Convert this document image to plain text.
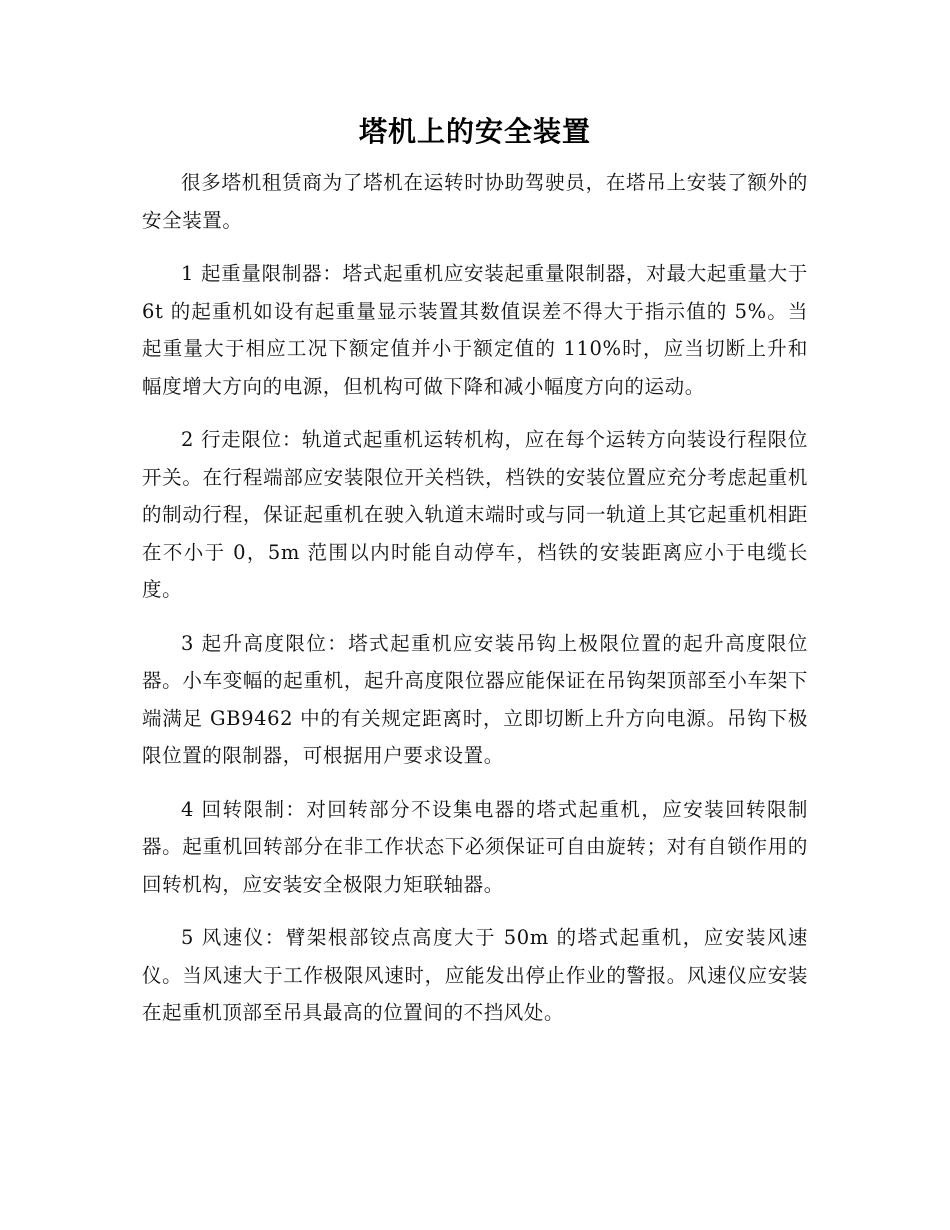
塔机上的安全装置

很多塔机租赁商为了塔机在运转时协助驾驶员，在塔吊上安装了额外的安全装置。

1 起重量限制器：塔式起重机应安装起重量限制器，对最大起重量大于 6t 的起重机如设有起重量显示装置其数值误差不得大于指示值的 5%。当起重量大于相应工况下额定值并小于额定值的 110%时，应当切断上升和幅度增大方向的电源，但机构可做下降和减小幅度方向的运动。

2 行走限位：轨道式起重机运转机构，应在每个运转方向装设行程限位开关。在行程端部应安装限位开关档铁，档铁的安装位置应充分考虑起重机的制动行程，保证起重机在驶入轨道末端时或与同一轨道上其它起重机相距在不小于 0，5m 范围以内时能自动停车，档铁的安装距离应小于电缆长度。

3 起升高度限位：塔式起重机应安装吊钩上极限位置的起升高度限位器。小车变幅的起重机，起升高度限位器应能保证在吊钩架顶部至小车架下端满足 GB9462 中的有关规定距离时，立即切断上升方向电源。吊钩下极限位置的限制器，可根据用户要求设置。

4 回转限制：对回转部分不设集电器的塔式起重机，应安装回转限制器。起重机回转部分在非工作状态下必须保证可自由旋转；对有自锁作用的回转机构，应安装安全极限力矩联轴器。

5 风速仪：臂架根部铰点高度大于 50m 的塔式起重机，应安装风速仪。当风速大于工作极限风速时，应能发出停止作业的警报。风速仪应安装在起重机顶部至吊具最高的位置间的不挡风处。
